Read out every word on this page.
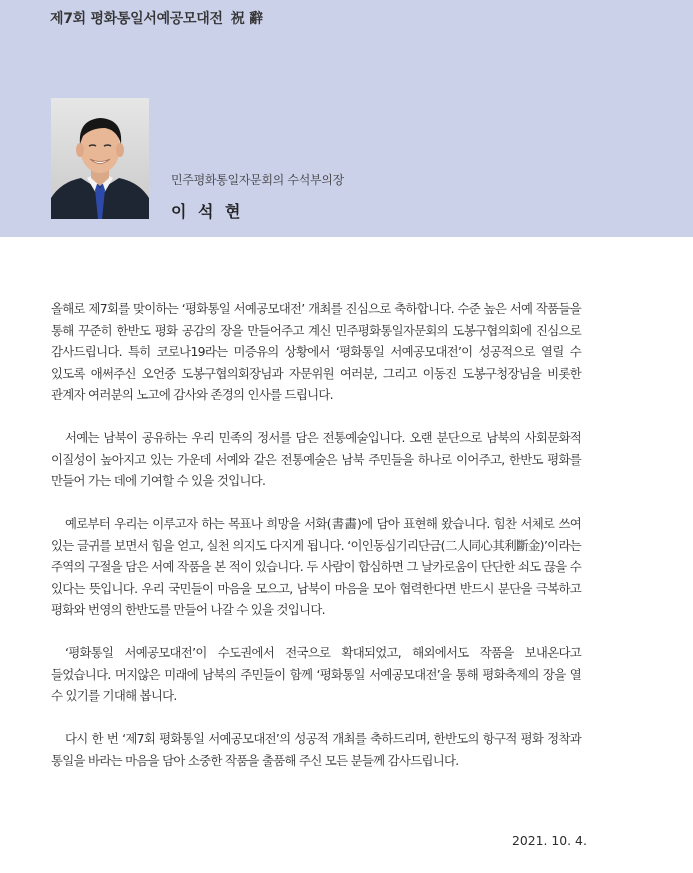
제7회 평화통일서예공모대전 祝 辭
민주평화통일자문회의 수석부의장
이 석 현

올해로 제7회를 맞이하는 ‘평화통일 서예공모대전’ 개최를 진심으로 축하합니다. 수준 높은 서예 작품들을 통해 꾸준히 한반도 평화 공감의 장을 만들어주고 계신 민주평화통일자문회의 도봉구협의회에 진심으로 감사드립니다. 특히 코로나19라는 미증유의 상황에서 ‘평화통일 서예공모대전’이 성공적으로 열릴 수 있도록 애써주신 오언중 도봉구협의회장님과 자문위원 여러분, 그리고 이동진 도봉구청장님을 비롯한 관계자 여러분의 노고에 감사와 존경의 인사를 드립니다.

서예는 남북이 공유하는 우리 민족의 정서를 담은 전통예술입니다. 오랜 분단으로 남북의 사회문화적 이질성이 높아지고 있는 가운데 서예와 같은 전통예술은 남북 주민들을 하나로 이어주고, 한반도 평화를 만들어 가는 데에 기여할 수 있을 것입니다.

예로부터 우리는 이루고자 하는 목표나 희망을 서화(書畵)에 담아 표현해 왔습니다. 힘찬 서체로 쓰여 있는 글귀를 보면서 힘을 얻고, 실천 의지도 다지게 됩니다. ‘이인동심기리단금(二人同心其利斷金)’이라는 주역의 구절을 담은 서예 작품을 본 적이 있습니다. 두 사람이 합심하면 그 날카로움이 단단한 쇠도 끊을 수 있다는 뜻입니다. 우리 국민들이 마음을 모으고, 남북이 마음을 모아 협력한다면 반드시 분단을 극복하고 평화와 번영의 한반도를 만들어 나갈 수 있을 것입니다.

‘평화통일 서예공모대전’이 수도권에서 전국으로 확대되었고, 해외에서도 작품을 보내온다고 들었습니다. 머지않은 미래에 남북의 주민들이 함께 ‘평화통일 서예공모대전’을 통해 평화축제의 장을 열 수 있기를 기대해 봅니다.

다시 한 번 ‘제7회 평화통일 서예공모대전’의 성공적 개최를 축하드리며, 한반도의 항구적 평화 정착과 통일을 바라는 마음을 담아 소중한 작품을 출품해 주신 모든 분들께 감사드립니다.

2021. 10. 4.
